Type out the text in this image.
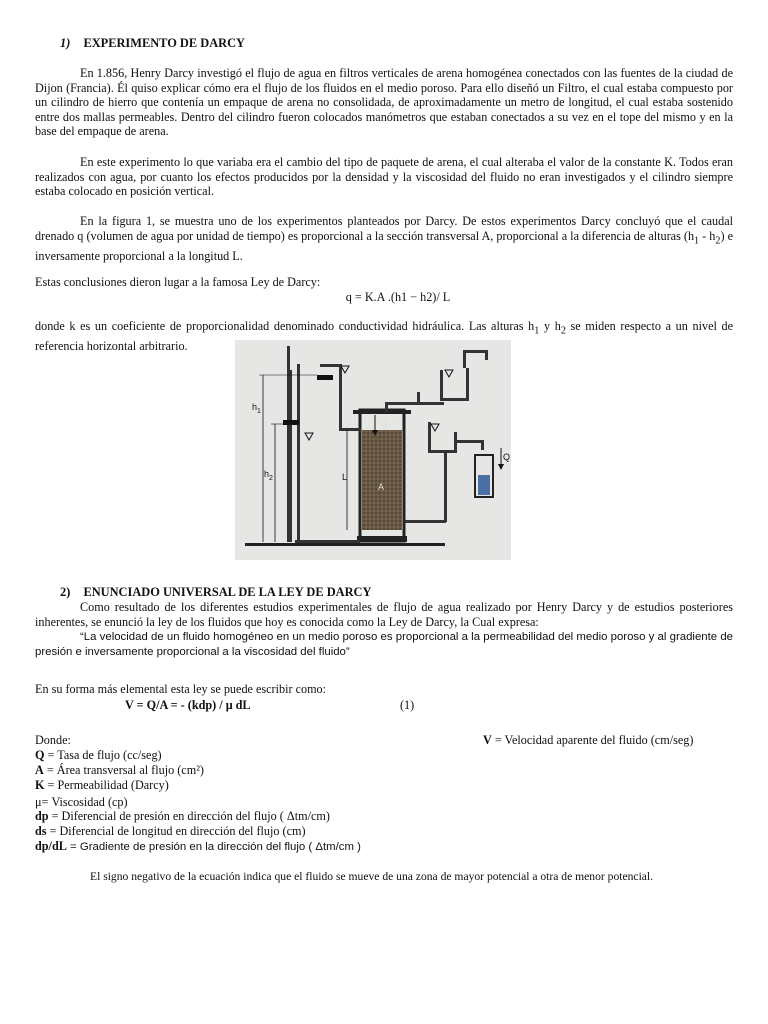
1) EXPERIMENTO DE DARCY

En 1.856, Henry Darcy investigó el flujo de agua en filtros verticales de arena homogénea conectados con las fuentes de la ciudad de Dijon (Francia). Él quiso explicar cómo era el flujo de los fluidos en el medio poroso. Para ello diseñó un Filtro, el cual estaba compuesto por un cilindro de hierro que contenía un empaque de arena no consolidada, de aproximadamente un metro de longitud, el cual estaba sostenido entre dos mallas permeables. Dentro del cilindro fueron colocados manómetros que estaban conectados a su vez en el tope del mismo y en la base del empaque de arena.

En este experimento lo que variaba era el cambio del tipo de paquete de arena, el cual alteraba el valor de la constante K. Todos eran realizados con agua, por cuanto los efectos producidos por la densidad y la viscosidad del fluido no eran investigados y el cilindro siempre estaba colocado en posición vertical.

En la figura 1, se muestra uno de los experimentos planteados por Darcy. De estos experimentos Darcy concluyó que el caudal drenado q (volumen de agua por unidad de tiempo) es proporcional a la sección transversal A, proporcional a la diferencia de alturas $(h_1 - h_2)$ e inversamente proporcional a la longitud L.

Estas conclusiones dieron lugar a la famosa Ley de Darcy:

q = K.A .(h1 − h2)/ L

donde k es un coeficiente de proporcionalidad denominado conductividad hidráulica. Las alturas $h_1$ y $h_2$ se miden respecto a un nivel de referencia horizontal arbitrario.

$h_1$
$h_2$	L
Q
A
Q
2) ENUNCIADO UNIVERSAL DE LA LEY DE DARCY

Como resultado de los diferentes estudios experimentales de flujo de agua realizado por Henry Darcy y de estudios posteriores inherentes, se enunció la ley de los fluidos que hoy es conocida como la Ley de Darcy, la Cual expresa:

“La velocidad de un fluido homogéneo en un medio poroso es proporcional a la permeabilidad del medio poroso y al gradiente de presión e inversamente proporcional a la viscosidad del fluido”

En su forma más elemental esta ley se puede escribir como:

V = Q/A = - (kdp) / μ dL	(1)
Donde:	V = Velocidad aparente del fluido (cm/seg)
Q = Tasa de flujo (cc/seg)
A = Área transversal al flujo (cm²)
K = Permeabilidad (Darcy)
μ= Viscosidad (cp)
dp = Diferencial de presión en dirección del flujo ( Δtm/cm)
ds = Diferencial de longitud en dirección del flujo (cm)
dp/dL = Gradiente de presión en la dirección del flujo ( Δtm/cm )
El signo negativo de la ecuación indica que el fluido se mueve de una zona de mayor potencial a otra de menor potencial.
